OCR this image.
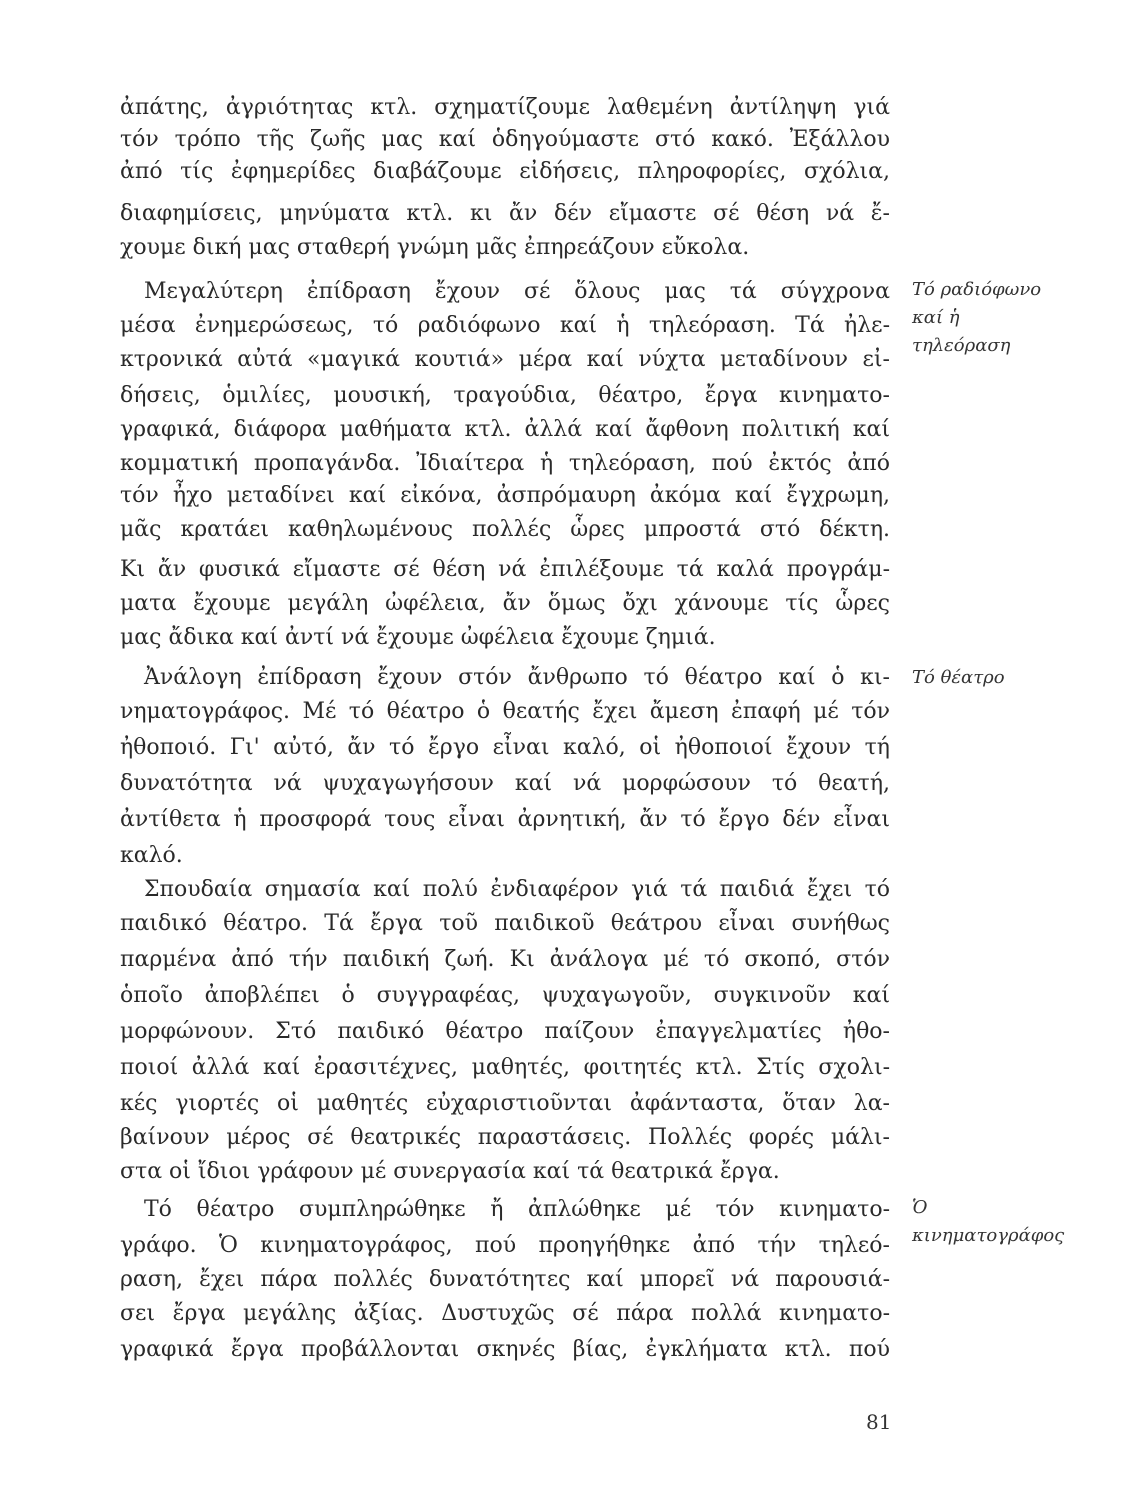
ἀπάτης, ἀγριότητας κτλ. σχηματίζουμε λαθεμένη ἀντίληψη γιά
τόν τρόπο τῆς ζωῆς μας καί ὁδηγούμαστε στό κακό. Ἐξάλλου
ἀπό τίς ἐφημερίδες διαβάζουμε εἰδήσεις, πληροφορίες, σχόλια,
διαφημίσεις, μηνύματα κτλ. κι ἄν δέν εἴμαστε σέ θέση νά ἔ-
χουμε δική μας σταθερή γνώμη μᾶς ἐπηρεάζουν εὔκολα.
Μεγαλύτερη ἐπίδραση ἔχουν σέ ὅλους μας τά σύγχρονα
μέσα ἐνημερώσεως, τό ραδιόφωνο καί ἡ τηλεόραση. Τά ἠλε-
κτρονικά αὐτά «μαγικά κουτιά» μέρα καί νύχτα μεταδίνουν εἰ-
δήσεις, ὁμιλίες, μουσική, τραγούδια, θέατρο, ἔργα κινηματο-
γραφικά, διάφορα μαθήματα κτλ. ἀλλά καί ἄφθονη πολιτική καί
κομματική προπαγάνδα. Ἰδιαίτερα ἡ τηλεόραση, πού ἐκτός ἀπό
τόν ἦχο μεταδίνει καί εἰκόνα, ἀσπρόμαυρη ἀκόμα καί ἔγχρωμη,
μᾶς κρατάει καθηλωμένους πολλές ὧρες μπροστά στό δέκτη.
Κι ἄν φυσικά εἴμαστε σέ θέση νά ἐπιλέξουμε τά καλά προγράμ-
ματα ἔχουμε μεγάλη ὠφέλεια, ἄν ὅμως ὄχι χάνουμε τίς ὧρες
μας ἄδικα καί ἀντί νά ἔχουμε ὠφέλεια ἔχουμε ζημιά.
Ἀνάλογη ἐπίδραση ἔχουν στόν ἄνθρωπο τό θέατρο καί ὁ κι-
νηματογράφος. Μέ τό θέατρο ὁ θεατής ἔχει ἄμεση ἐπαφή μέ τόν
ἠθοποιό. Γι' αὐτό, ἄν τό ἔργο εἶναι καλό, οἱ ἠθοποιοί ἔχουν τή
δυνατότητα νά ψυχαγωγήσουν καί νά μορφώσουν τό θεατή,
ἀντίθετα ἡ προσφορά τους εἶναι ἀρνητική, ἄν τό ἔργο δέν εἶναι
καλό.
Σπουδαία σημασία καί πολύ ἐνδιαφέρον γιά τά παιδιά ἔχει τό
παιδικό θέατρο. Τά ἔργα τοῦ παιδικοῦ θεάτρου εἶναι συνήθως
παρμένα ἀπό τήν παιδική ζωή. Κι ἀνάλογα μέ τό σκοπό, στόν
ὁποῖο ἀποβλέπει ὁ συγγραφέας, ψυχαγωγοῦν, συγκινοῦν καί
μορφώνουν. Στό παιδικό θέατρο παίζουν ἐπαγγελματίες ἠθο-
ποιοί ἀλλά καί ἐρασιτέχνες, μαθητές, φοιτητές κτλ. Στίς σχολι-
κές γιορτές οἱ μαθητές εὐχαριστιοῦνται ἀφάνταστα, ὅταν λα-
βαίνουν μέρος σέ θεατρικές παραστάσεις. Πολλές φορές μάλι-
στα οἱ ἴδιοι γράφουν μέ συνεργασία καί τά θεατρικά ἔργα.
Τό θέατρο συμπληρώθηκε ἤ ἀπλώθηκε μέ τόν κινηματο-
γράφο. Ὁ κινηματογράφος, πού προηγήθηκε ἀπό τήν τηλεό-
ραση, ἔχει πάρα πολλές δυνατότητες καί μπορεῖ νά παρουσιά-
σει ἔργα μεγάλης ἀξίας. Δυστυχῶς σέ πάρα πολλά κινηματο-
γραφικά ἔργα προβάλλονται σκηνές βίας, ἐγκλήματα κτλ. πού
Τό ραδιόφωνο
καί ἡ
τηλεόραση
Τό θέατρο
Ὁ
κινηματογράφος
81
